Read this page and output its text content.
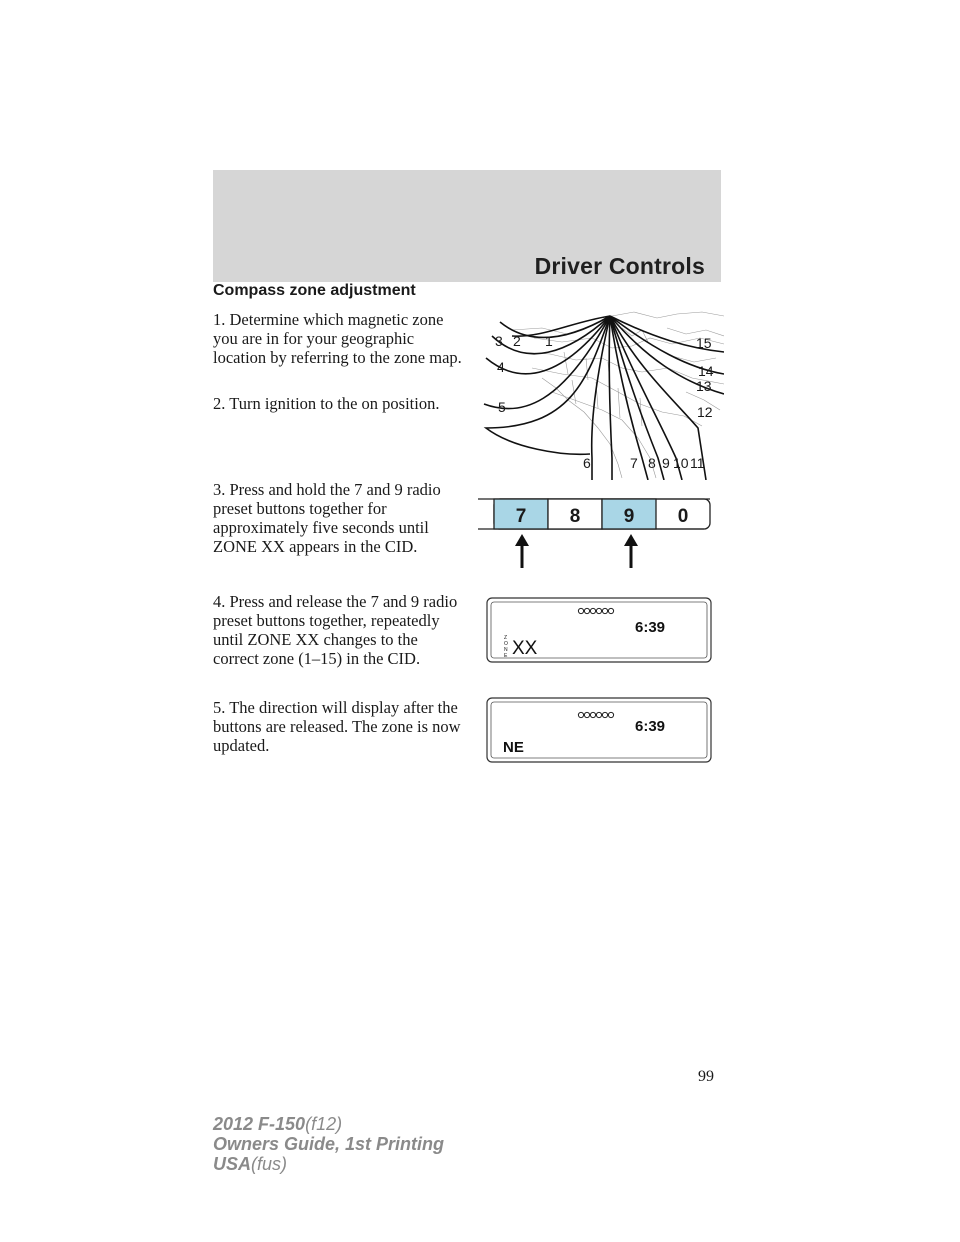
Driver Controls
Compass zone adjustment
1. Determine which magnetic zone you are in for your geographic location by referring to the zone map.
2. Turn ignition to the on position.
3. Press and hold the 7 and 9 radio preset buttons together for approximately five seconds until ZONE XX appears in the CID.
4. Press and release the 7 and 9 radio preset buttons together, repeatedly until ZONE XX changes to the correct zone (1–15) in the CID.
5. The direction will display after the buttons are released. The zone is now updated.
3 2 1
4
5
6	7 8 9 10 11
12
13
14
15
7 8 9 0
6:39
Z
O
N
E XX
6:39
NE
99
2012 F-150(f12)
Owners Guide, 1st Printing
USA(fus)
